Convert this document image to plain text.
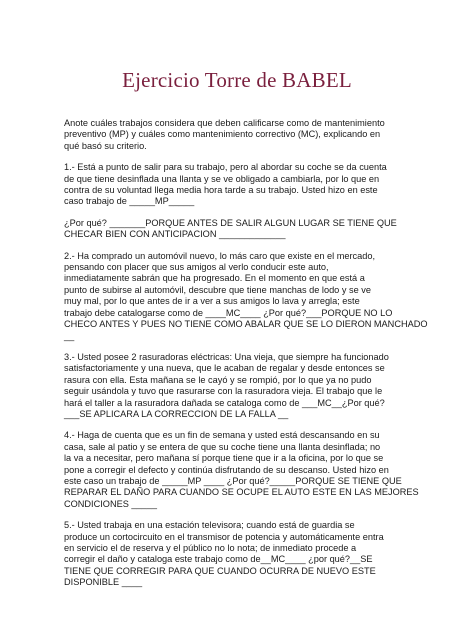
Ejercicio Torre de BABEL

Anote cuáles trabajos considera que deben calificarse como de mantenimiento
preventivo (MP) y cuáles como mantenimiento correctivo (MC), explicando en
qué basó su criterio.

1.- Está a punto de salir para su trabajo, pero al abordar su coche se da cuenta
de que tiene desinflada una llanta y se ve obligado a cambiarla, por lo que en
contra de su voluntad llega media hora tarde a su trabajo. Usted hizo en este
caso trabajo de _____MP_____

¿Por qué? _______PORQUE ANTES DE SALIR ALGUN LUGAR SE TIENE QUE
CHECAR BIEN CON ANTICIPACION _____________

2.- Ha comprado un automóvil nuevo, lo más caro que existe en el mercado,
pensando con placer que sus amigos al verlo conducir este auto,
inmediatamente sabrán que ha progresado. En el momento en que está a
punto de subirse al automóvil, descubre que tiene manchas de lodo y se ve
muy mal, por lo que antes de ir a ver a sus amigos lo lava y arregla; este
trabajo debe catalogarse como de ____MC____ ¿Por qué?___PORQUE NO LO
CHECO ANTES Y PUES NO TIENE COMO ABALAR QUE SE LO DIERON MANCHADO
__

3.- Usted posee 2 rasuradoras eléctricas: Una vieja, que siempre ha funcionado
satisfactoriamente y una nueva, que le acaban de regalar y desde entonces se
rasura con ella. Esta mañana se le cayó y se rompió, por lo que ya no pudo
seguir usándola y tuvo que rasurarse con la rasuradora vieja. El trabajo que le
hará el taller a la rasuradora dañada se cataloga como de ___MC__¿Por qué?
___SE APLICARA LA CORRECCION DE LA FALLA __

4.- Haga de cuenta que es un fin de semana y usted está descansando en su
casa, sale al patio y se entera de que su coche tiene una llanta desinflada; no
la va a necesitar, pero mañana sí porque tiene que ir a la oficina, por lo que se
pone a corregir el defecto y continúa disfrutando de su descanso. Usted hizo en
este caso un trabajo de _____MP ____ ¿Por qué?_____PORQUE SE TIENE QUE
REPARAR EL DAÑO PARA CUANDO SE OCUPE EL AUTO ESTE EN LAS MEJORES
CONDICIONES _____

5.- Usted trabaja en una estación televisora; cuando está de guardia se
produce un cortocircuito en el transmisor de potencia y automáticamente entra
en servicio el de reserva y el público no lo nota; de inmediato procede a
corregir el daño y cataloga este trabajo como de__MC____ ¿por qué?__SE
TIENE QUE CORREGIR PARA QUE CUANDO OCURRA DE NUEVO ESTE
DISPONIBLE ____
